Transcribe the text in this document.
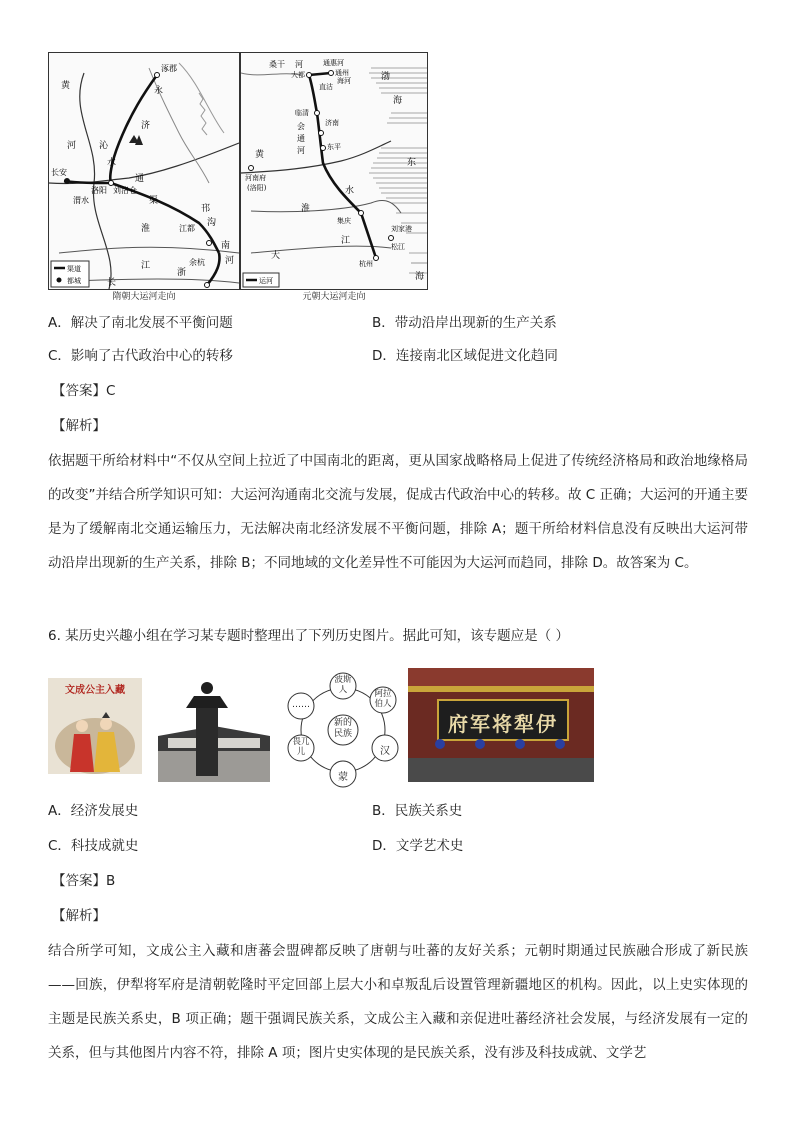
涿郡
永
济
黄
河	沁
水
长安
洛阳 刘洛仓
通
渠
渭水
淮	江都
邗
沟
江
浙
余杭
南
河
长
渠道
都城
隋朝大运河走向
桑干 河
大都
通惠河
通州
海河
直沽
渤
海
临清
会
通
河
济南
东平
黄
河南府
(洛阳)
东
水
淮
集庆
江
大
刘家港
松江
杭州
海
运河
元朝大运河走向
A．解决了南北发展不平衡问题	B．带动沿岸出现新的生产关系
C．影响了古代政治中心的转移	D．连接南北区域促进文化趋同
【答案】C
【解析】
依据题干所给材料中“不仅从空间上拉近了中国南北的距离，更从国家战略格局上促进了传统经济格局和政治地缘格局的改变”并结合所学知识可知：大运河沟通南北交流与发展，促成古代政治中心的转移。故 C 正确；大运河的开通主要是为了缓解南北交通运输压力，无法解决南北经济发展不平衡问题，排除 A；题干所给材料信息没有反映出大运河带动沿岸出现新的生产关系，排除 B；不同地域的文化差异性不可能因为大运河而趋同，排除 D。故答案为 C。
6. 某历史兴趣小组在学习某专题时整理出了下列历史图片。据此可知，该专题应是（ ）
文成公主入藏
新的民族
波斯人	阿拉伯人
汉
蒙
畏兀儿
……
伊犁将军府
A．经济发展史	B．民族关系史
C．科技成就史	D．文学艺术史
【答案】B
【解析】
结合所学可知，文成公主入藏和唐蕃会盟碑都反映了唐朝与吐蕃的友好关系；元朝时期通过民族融合形成了新民族——回族，伊犁将军府是清朝乾隆时平定回部上层大小和卓叛乱后设置管理新疆地区的机构。因此，以上史实体现的主题是民族关系史，B 项正确；题干强调民族关系，文成公主入藏和亲促进吐蕃经济社会发展，与经济发展有一定的关系，但与其他图片内容不符，排除 A 项；图片史实体现的是民族关系，没有涉及科技成就、文学艺
